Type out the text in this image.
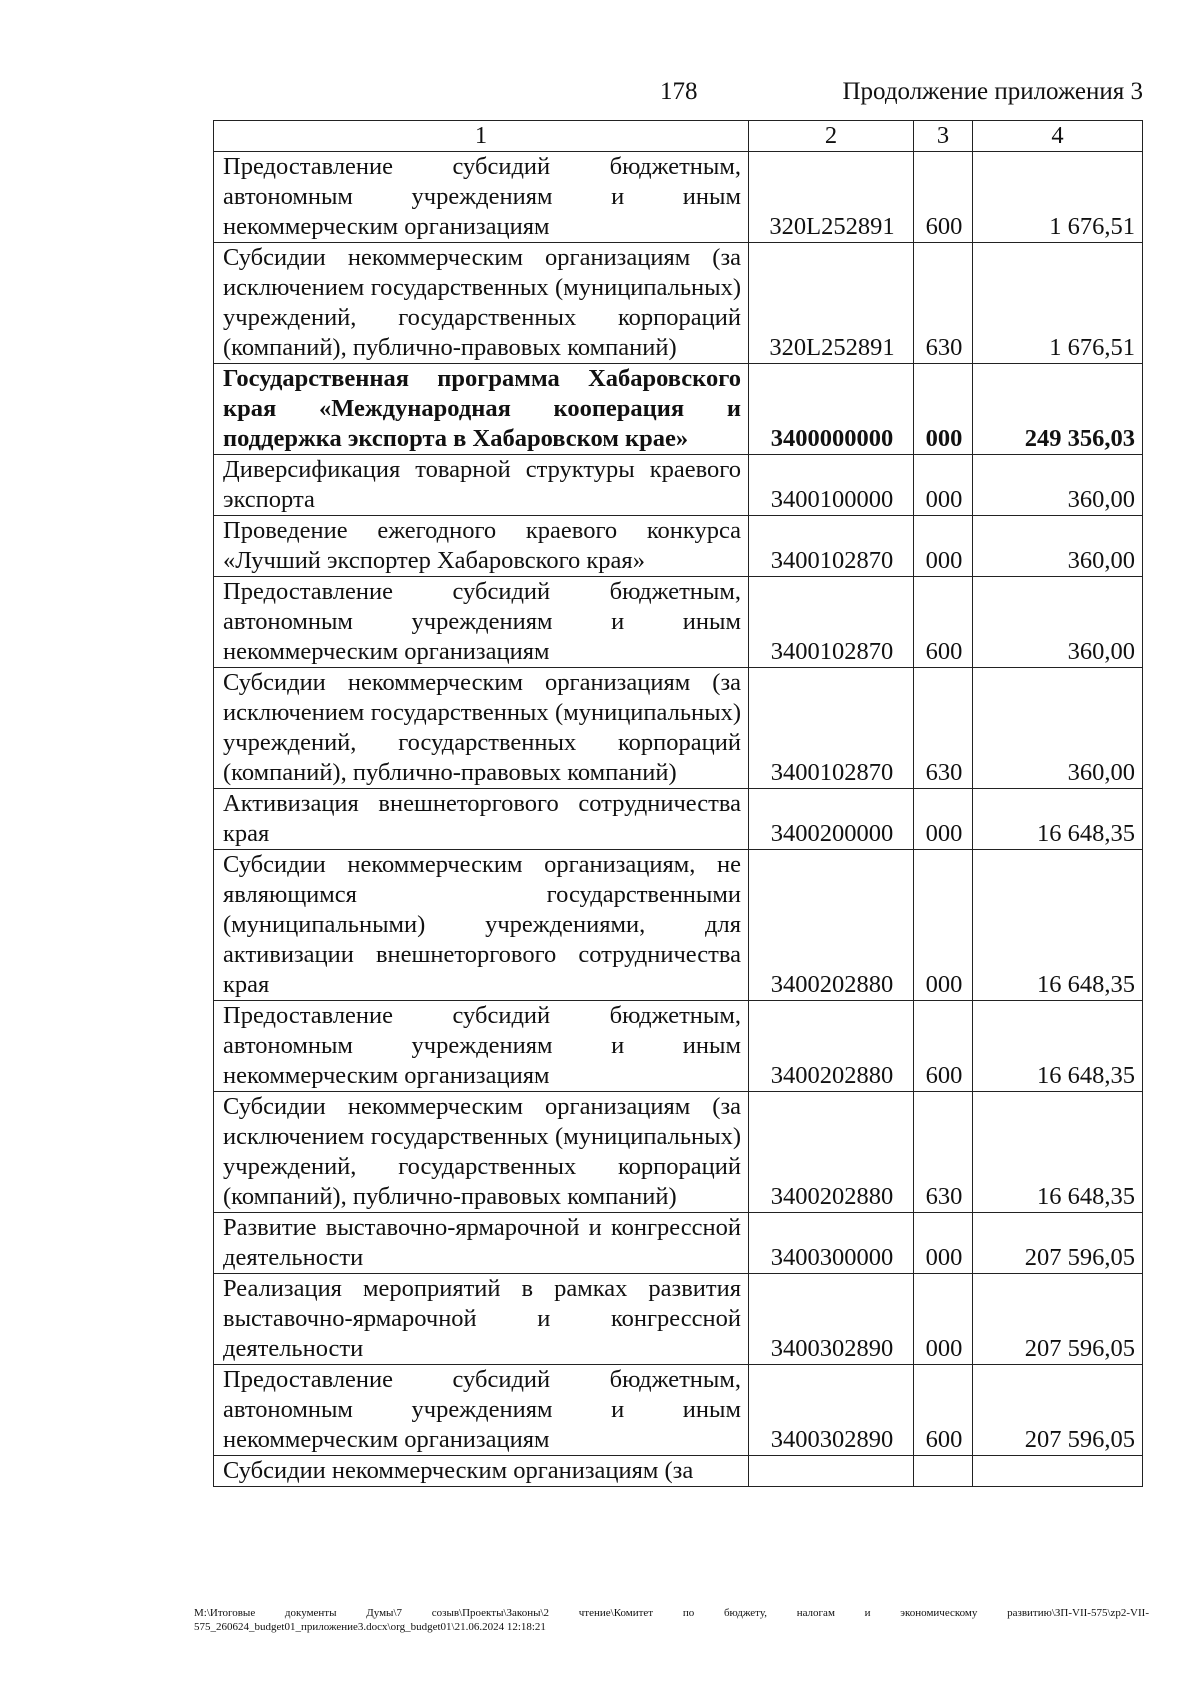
178	Продолжение приложения 3
1	2	3	4
Предоставление субсидий бюджетным, автономным учреждениям и иным некоммерческим организациям	320L252891	600	1 676,51
Субсидии некоммерческим организациям (за исключением государственных (муниципальных) учреждений, государственных корпораций (компаний), публично-правовых компаний)	320L252891	630	1 676,51
Государственная программа Хабаровского края «Международная кооперация и поддержка экспорта в Хабаровском крае»	3400000000	000	249 356,03
Диверсификация товарной структуры краевого экспорта	3400100000	000	360,00
Проведение ежегодного краевого конкурса «Лучший экспортер Хабаровского края»	3400102870	000	360,00
Предоставление субсидий бюджетным, автономным учреждениям и иным некоммерческим организациям	3400102870	600	360,00
Субсидии некоммерческим организациям (за исключением государственных (муниципальных) учреждений, государственных корпораций (компаний), публично-правовых компаний)	3400102870	630	360,00
Активизация внешнеторгового сотрудничества края	3400200000	000	16 648,35
Субсидии некоммерческим организациям, не являющимся государственными (муниципальными) учреждениями, для активизации внешнеторгового сотрудничества края	3400202880	000	16 648,35
Предоставление субсидий бюджетным, автономным учреждениям и иным некоммерческим организациям	3400202880	600	16 648,35
Субсидии некоммерческим организациям (за исключением государственных (муниципальных) учреждений, государственных корпораций (компаний), публично-правовых компаний)	3400202880	630	16 648,35
Развитие выставочно-ярмарочной и конгрессной деятельности	3400300000	000	207 596,05
Реализация мероприятий в рамках развития выставочно-ярмарочной и конгрессной деятельности	3400302890	000	207 596,05
Предоставление субсидий бюджетным, автономным учреждениям и иным некоммерческим организациям	3400302890	600	207 596,05
Субсидии некоммерческим организациям (за			
M:\Итоговые документы Думы\7 созыв\Проекты\Законы\2 чтение\Комитет по бюджету, налогам и экономическому развитию\ЗП-VII-575\zp2-VII-575_260624_budget01_приложение3.docx\org_budget01\21.06.2024 12:18:21
